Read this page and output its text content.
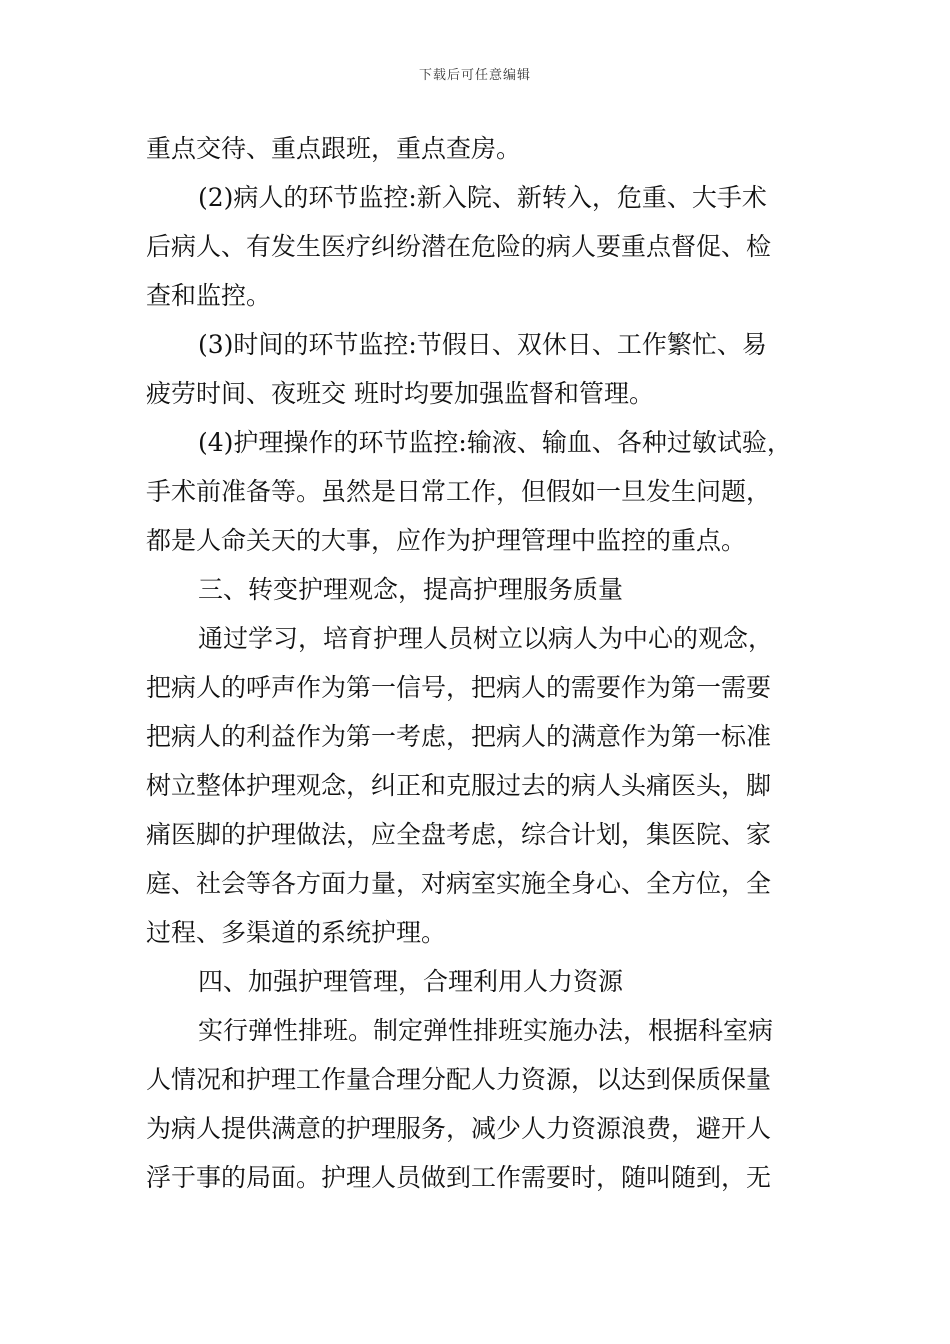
下载后可任意编辑
重点交待、重点跟班，重点查房。
(2)病人的环节监控:新入院、新转入，危重、大手术
后病人、有发生医疗纠纷潜在危险的病人要重点督促、检
查和监控。
(3)时间的环节监控:节假日、双休日、工作繁忙、易
疲劳时间、夜班交 班时均要加强监督和管理。
(4)护理操作的环节监控:输液、输血、各种过敏试验，
手术前准备等。虽然是日常工作，但假如一旦发生问题，
都是人命关天的大事，应作为护理管理中监控的重点。
三、转变护理观念，提高护理服务质量
通过学习，培育护理人员树立以病人为中心的观念，
把病人的呼声作为第一信号，把病人的需要作为第一需要
把病人的利益作为第一考虑，把病人的满意作为第一标准
树立整体护理观念，纠正和克服过去的病人头痛医头，脚
痛医脚的护理做法，应全盘考虑，综合计划，集医院、家
庭、社会等各方面力量，对病室实施全身心、全方位，全
过程、多渠道的系统护理。
四、加强护理管理，合理利用人力资源
实行弹性排班。制定弹性排班实施办法，根据科室病
人情况和护理工作量合理分配人力资源，以达到保质保量
为病人提供满意的护理服务，减少人力资源浪费，避开人
浮于事的局面。护理人员做到工作需要时，随叫随到，无
